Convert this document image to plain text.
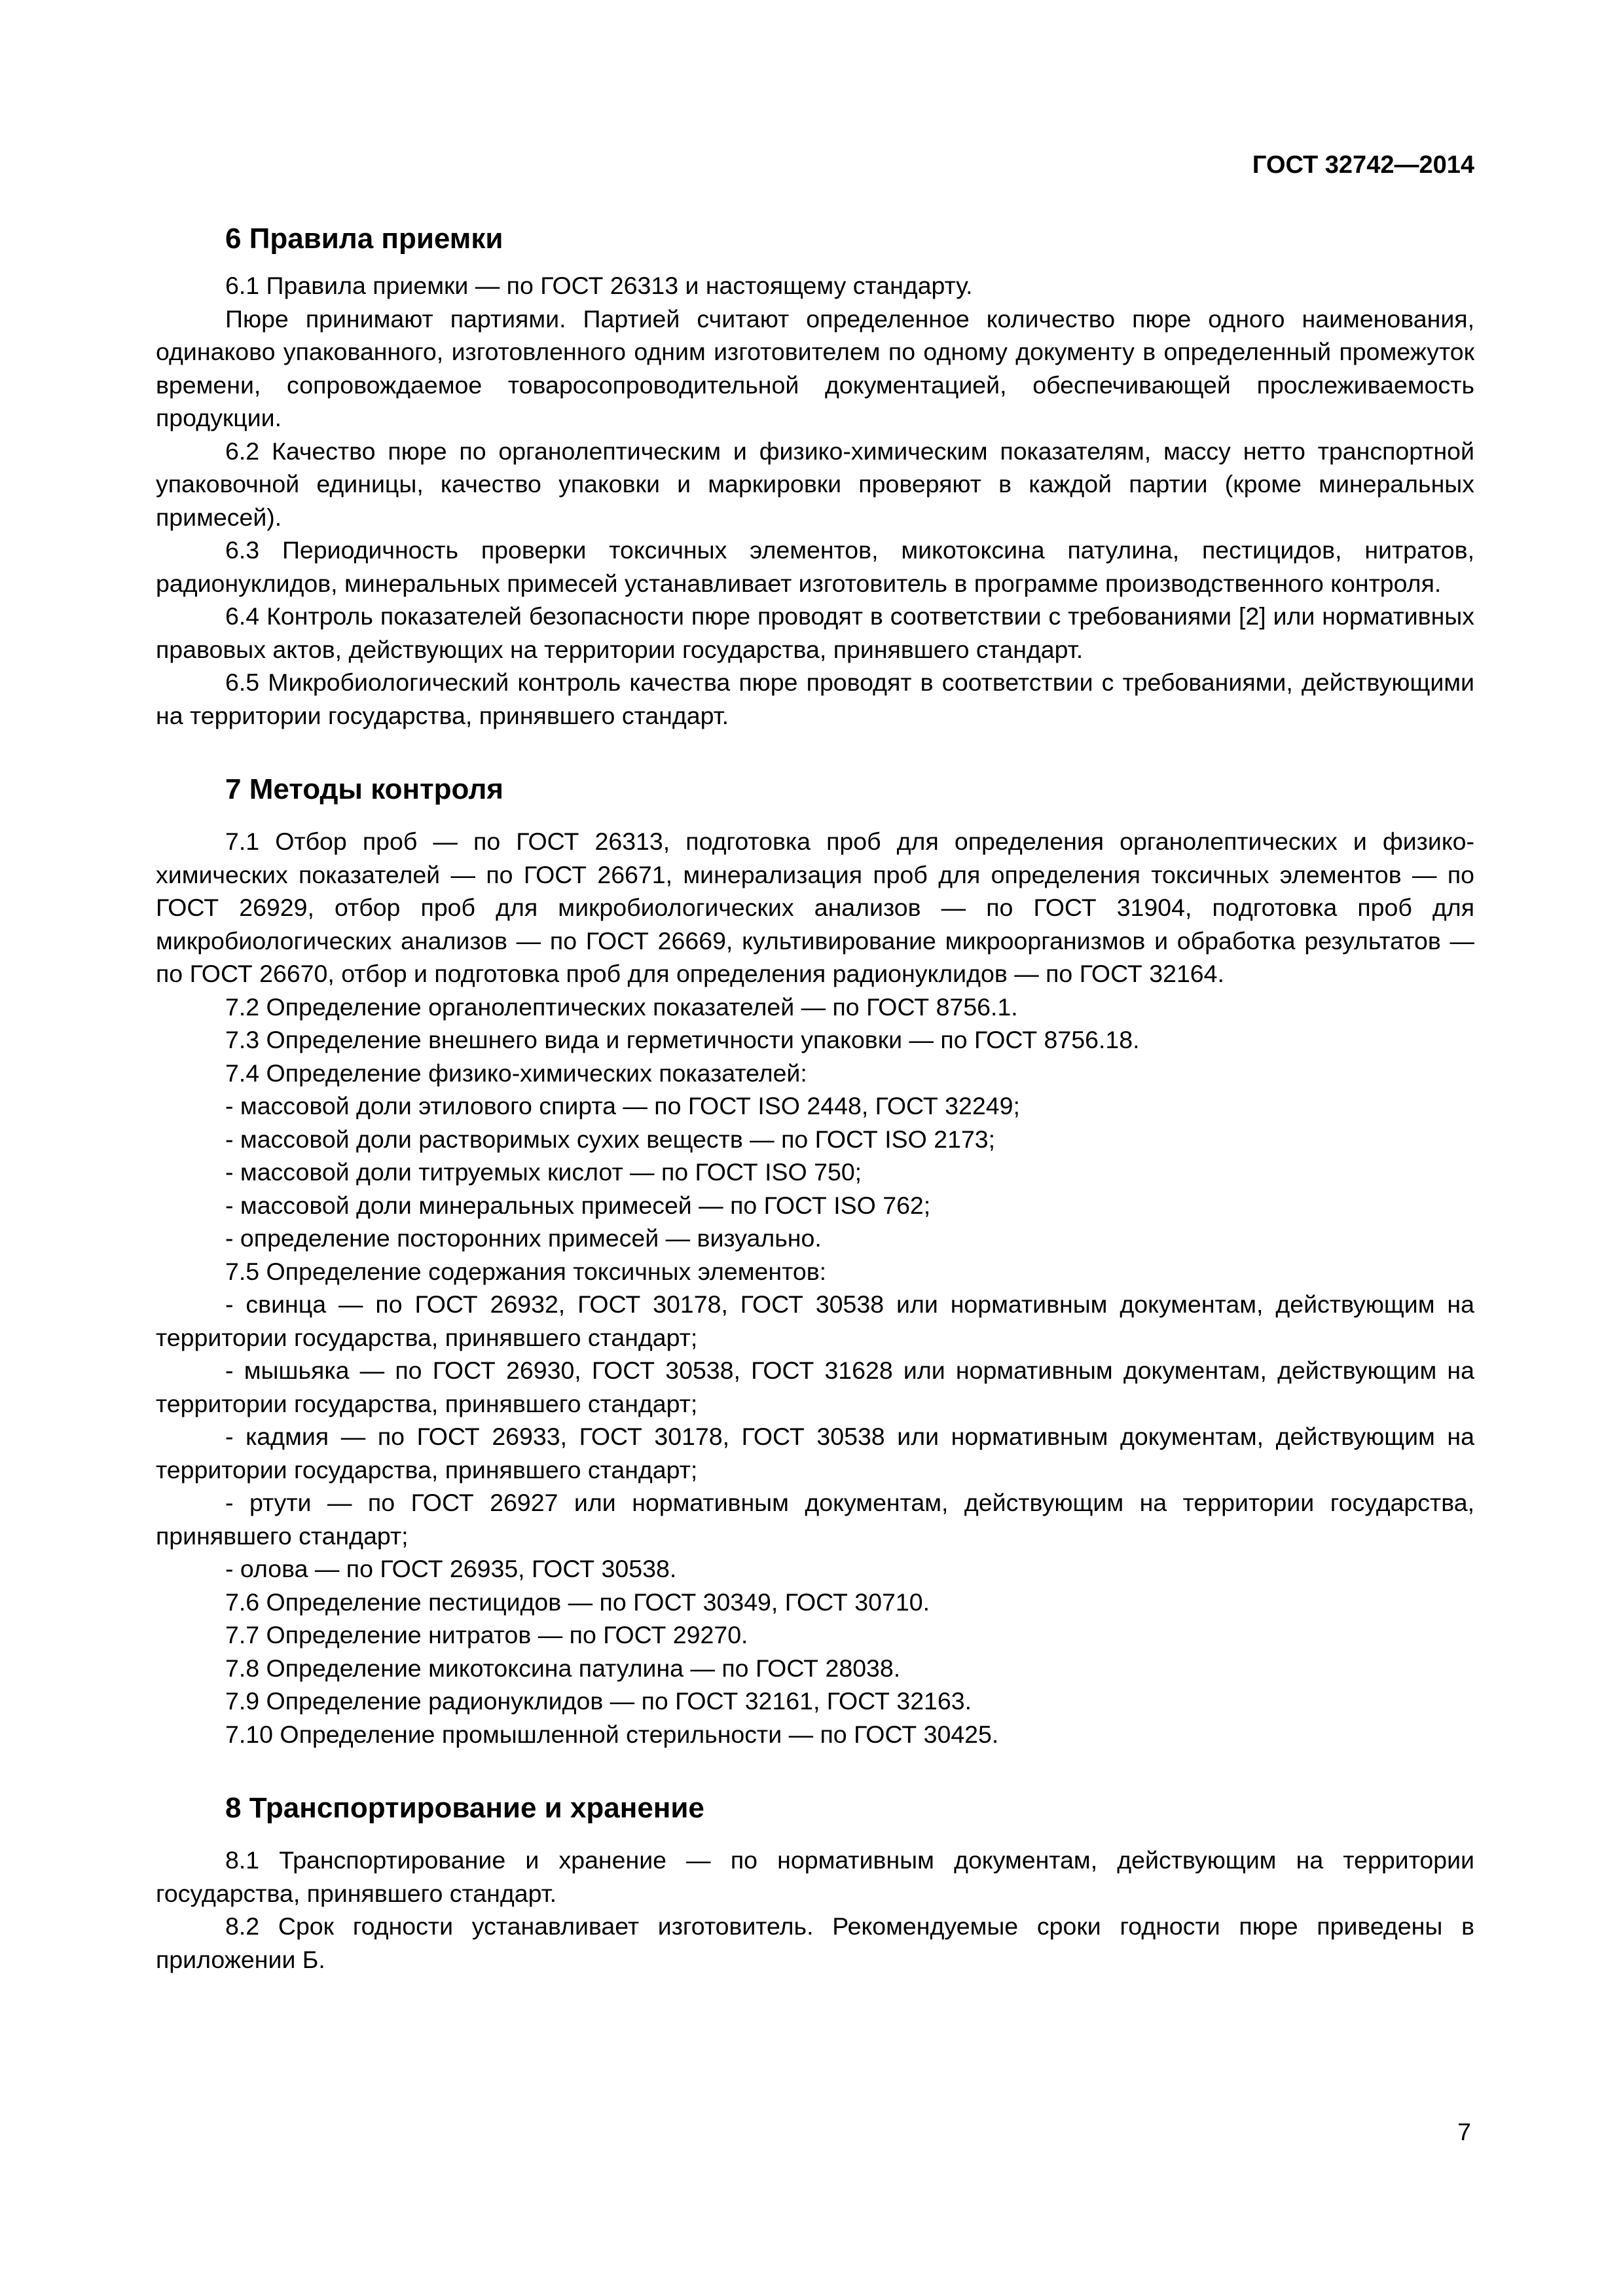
ГОСТ 32742—2014
6 Правила приемки

6.1 Правила приемки — по ГОСТ 26313 и настоящему стандарту.

Пюре принимают партиями. Партией считают определенное количество пюре одного наименования, одинаково упакованного, изготовленного одним изготовителем по одному документу в определенный промежуток времени, сопровождаемое товаросопроводительной документацией, обеспечивающей прослеживаемость продукции.

6.2 Качество пюре по органолептическим и физико-химическим показателям, массу нетто транспортной упаковочной единицы, качество упаковки и маркировки проверяют в каждой партии (кроме минеральных примесей).

6.3 Периодичность проверки токсичных элементов, микотоксина патулина, пестицидов, нитратов, радионуклидов, минеральных примесей устанавливает изготовитель в программе производственного контроля.

6.4 Контроль показателей безопасности пюре проводят в соответствии с требованиями [2] или нормативных правовых актов, действующих на территории государства, принявшего стандарт.

6.5 Микробиологический контроль качества пюре проводят в соответствии с требованиями, действующими на территории государства, принявшего стандарт.

7 Методы контроля

7.1 Отбор проб — по ГОСТ 26313, подготовка проб для определения органолептических и физико-химических показателей — по ГОСТ 26671, минерализация проб для определения токсичных элементов — по ГОСТ 26929, отбор проб для микробиологических анализов — по ГОСТ 31904, подготовка проб для микробиологических анализов — по ГОСТ 26669, культивирование микроорганизмов и обработка результатов — по ГОСТ 26670, отбор и подготовка проб для определения радионуклидов — по ГОСТ 32164.

7.2 Определение органолептических показателей — по ГОСТ 8756.1.

7.3 Определение внешнего вида и герметичности упаковки — по ГОСТ 8756.18.

7.4 Определение физико-химических показателей:

- массовой доли этилового спирта — по ГОСТ ISO 2448, ГОСТ 32249;

- массовой доли растворимых сухих веществ — по ГОСТ ISO 2173;

- массовой доли титруемых кислот — по ГОСТ ISO 750;

- массовой доли минеральных примесей — по ГОСТ ISO 762;

- определение посторонних примесей — визуально.

7.5 Определение содержания токсичных элементов:

- свинца — по ГОСТ 26932, ГОСТ 30178, ГОСТ 30538 или нормативным документам, действующим на территории государства, принявшего стандарт;

- мышьяка — по ГОСТ 26930, ГОСТ 30538, ГОСТ 31628 или нормативным документам, действующим на территории государства, принявшего стандарт;

- кадмия — по ГОСТ 26933, ГОСТ 30178, ГОСТ 30538 или нормативным документам, действующим на территории государства, принявшего стандарт;

- ртути — по ГОСТ 26927 или нормативным документам, действующим на территории государства, принявшего стандарт;

- олова — по ГОСТ 26935, ГОСТ 30538.

7.6 Определение пестицидов — по ГОСТ 30349, ГОСТ 30710.

7.7 Определение нитратов — по ГОСТ 29270.

7.8 Определение микотоксина патулина — по ГОСТ 28038.

7.9 Определение радионуклидов — по ГОСТ 32161, ГОСТ 32163.

7.10 Определение промышленной стерильности — по ГОСТ 30425.

8 Транспортирование и хранение

8.1 Транспортирование и хранение — по нормативным документам, действующим на территории государства, принявшего стандарт.

8.2 Срок годности устанавливает изготовитель. Рекомендуемые сроки годности пюре приведены в приложении Б.

7
